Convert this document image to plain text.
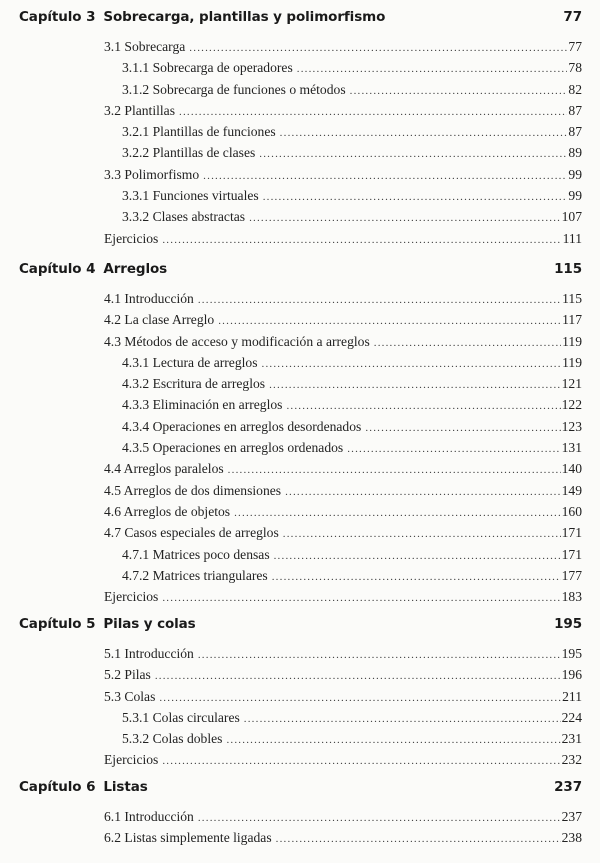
Capítulo 3 Sobrecarga, plantillas y polimorfismo	77
3.1 Sobrecarga .....	77
3.1.1 Sobrecarga de operadores .....	78
3.1.2 Sobrecarga de funciones o métodos .....	82
3.2 Plantillas .....	87
3.2.1 Plantillas de funciones .....	87
3.2.2 Plantillas de clases .....	89
3.3 Polimorfismo .....	99
3.3.1 Funciones virtuales .....	99
3.3.2 Clases abstractas .....	107
Ejercicios .....	111
Capítulo 4 Arreglos	115
4.1 Introducción .....	115
4.2 La clase Arreglo .....	117
4.3 Métodos de acceso y modificación a arreglos .....	119
4.3.1 Lectura de arreglos .....	119
4.3.2 Escritura de arreglos .....	121
4.3.3 Eliminación en arreglos .....	122
4.3.4 Operaciones en arreglos desordenados .....	123
4.3.5 Operaciones en arreglos ordenados .....	131
4.4 Arreglos paralelos .....	140
4.5 Arreglos de dos dimensiones .....	149
4.6 Arreglos de objetos .....	160
4.7 Casos especiales de arreglos .....	171
4.7.1 Matrices poco densas .....	171
4.7.2 Matrices triangulares .....	177
Ejercicios .....	183
Capítulo 5 Pilas y colas	195
5.1 Introducción .....	195
5.2 Pilas .....	196
5.3 Colas .....	211
5.3.1 Colas circulares .....	224
5.3.2 Colas dobles .....	231
Ejercicios .....	232
Capítulo 6 Listas	237
6.1 Introducción .....	237
6.2 Listas simplemente ligadas .....	238
